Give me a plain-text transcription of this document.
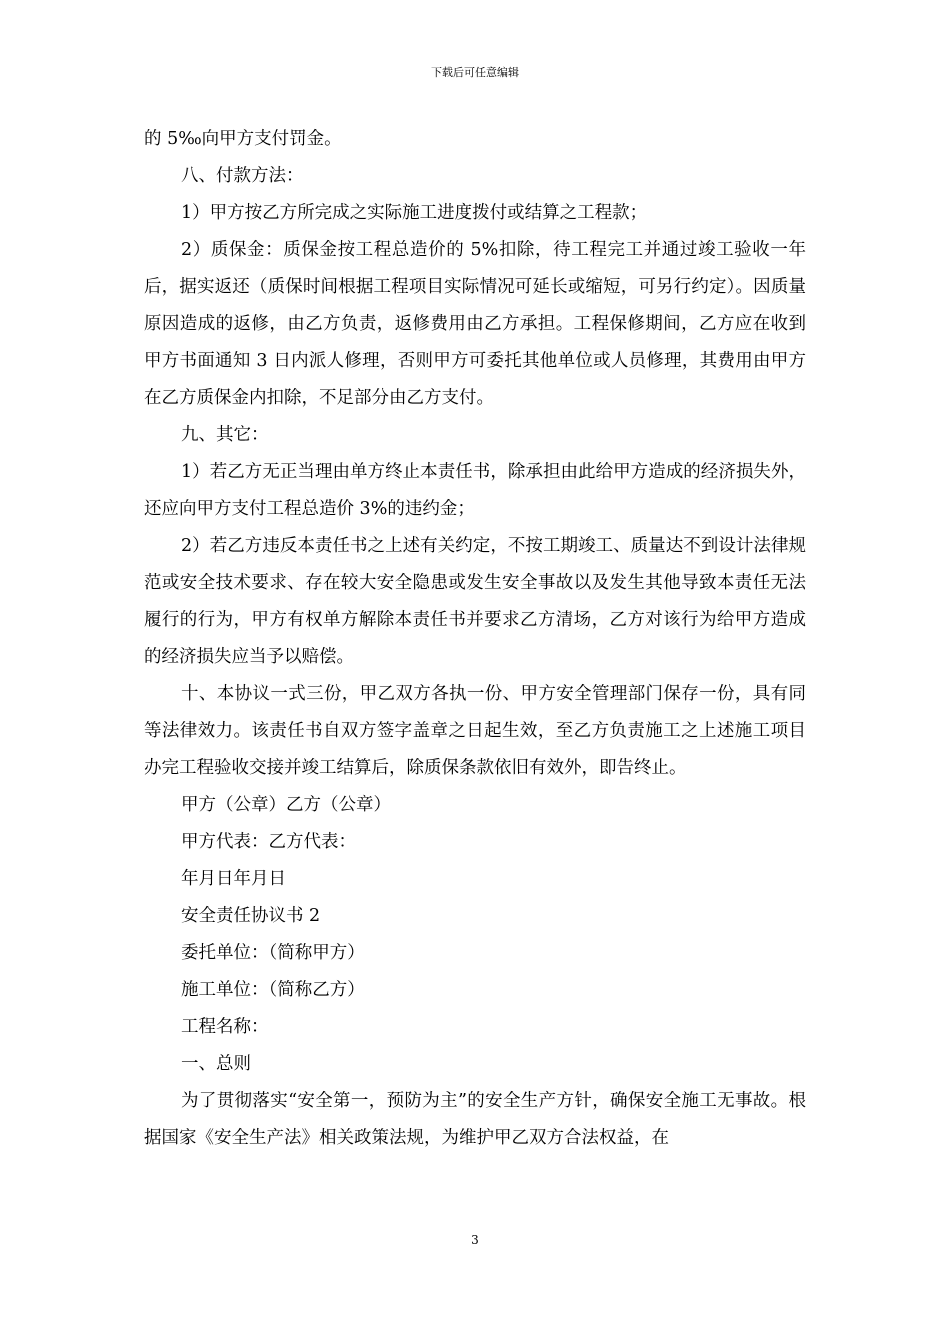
下载后可任意编辑

的 5‰向甲方支付罚金。

八、付款方法：

1）甲方按乙方所完成之实际施工进度拨付或结算之工程款；

2）质保金：质保金按工程总造价的 5%扣除，待工程完工并通过竣工验收一年后，据实返还（质保时间根据工程项目实际情况可延长或缩短，可另行约定）。因质量原因造成的返修，由乙方负责，返修费用由乙方承担。工程保修期间，乙方应在收到甲方书面通知 3 日内派人修理，否则甲方可委托其他单位或人员修理，其费用由甲方在乙方质保金内扣除，不足部分由乙方支付。

九、其它：

1）若乙方无正当理由单方终止本责任书，除承担由此给甲方造成的经济损失外，还应向甲方支付工程总造价 3%的违约金；

2）若乙方违反本责任书之上述有关约定，不按工期竣工、质量达不到设计法律规范或安全技术要求、存在较大安全隐患或发生安全事故以及发生其他导致本责任无法履行的行为，甲方有权单方解除本责任书并要求乙方清场，乙方对该行为给甲方造成的经济损失应当予以赔偿。

十、本协议一式三份，甲乙双方各执一份、甲方安全管理部门保存一份，具有同等法律效力。该责任书自双方签字盖章之日起生效，至乙方负责施工之上述施工项目办完工程验收交接并竣工结算后，除质保条款依旧有效外，即告终止。

甲方（公章）乙方（公章）

甲方代表：乙方代表：

年月日年月日

安全责任协议书 2

委托单位：（简称甲方）

施工单位：（简称乙方）

工程名称：

一、总则

为了贯彻落实“安全第一，预防为主”的安全生产方针，确保安全施工无事故。根据国家《安全生产法》相关政策法规，为维护甲乙双方合法权益，在

3
